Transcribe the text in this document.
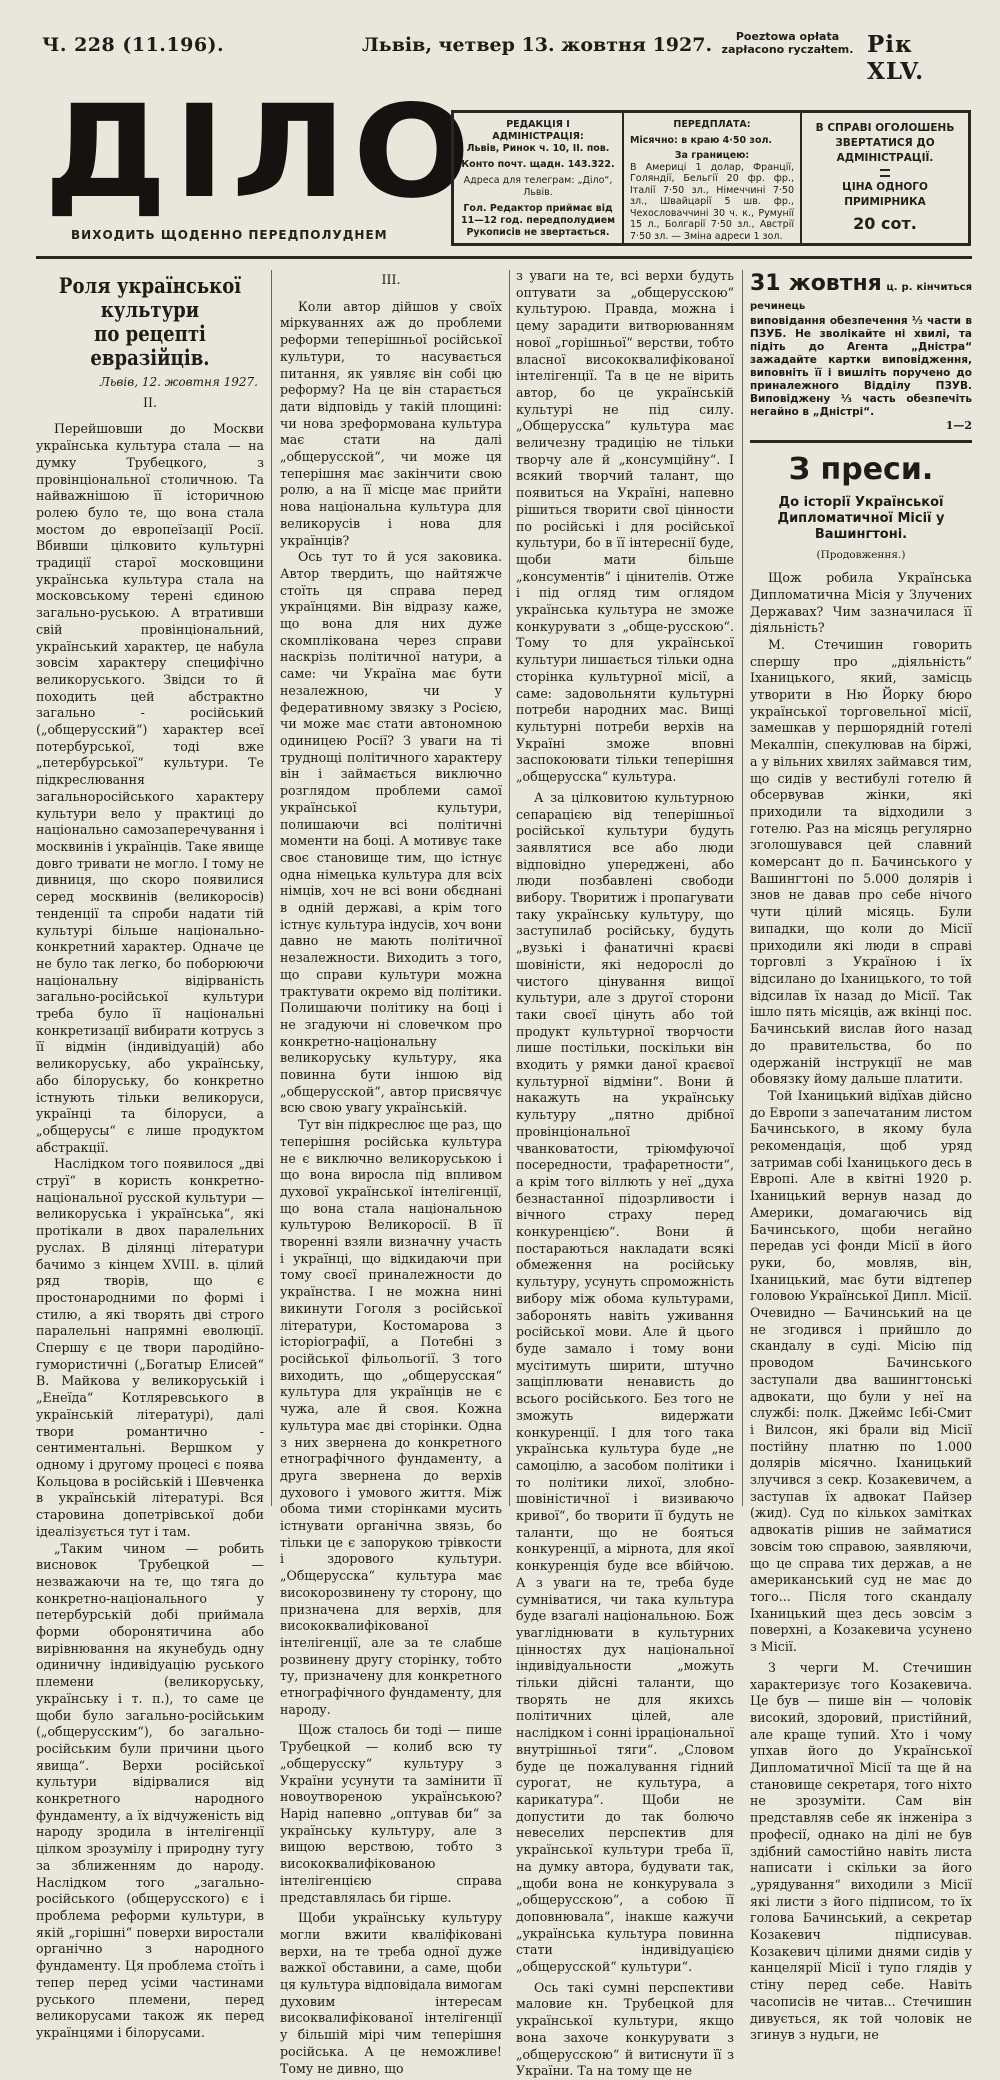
Ч. 228 (11.196).	Львів, четвер 13. жовтня 1927.	Poeztowa opłata
zapłacono ryczałtem. Рік XLV.
ДІЛО
ВИХОДИТЬ ЩОДЕННО ПЕРЕДПОЛУДНЕМ
РЕДАКЦІЯ І АДМІНІСТРАЦІЯ:
Львів, Ринок ч. 10, II. пов.
Конто почт. щадн. 143.322.
Адреса для телеграм: „Діло“, Львів.
Гол. Редактор приймає від 11—12 год. передполудием
Рукописів не звертається.
ПЕРЕДПЛАТА:
Місячно: в краю 4·50 зол.
За границею:
В Америці 1 долар, Франції, Голяндії, Бельгії 20 фр. фр., Італії 7·50 зл., Німеччині 7·50 зл., Швайцарії 5 шв. фр., Чехословаччині 30 ч. к., Румунії 15 л., Болгарії 7·50 зл., Австрії 7·50 зл. — Зміна адреси 1 зол.
В СПРАВІ ОГОЛОШЕНЬ ЗВЕРТАТИСЯ ДО АДМІНІСТРАЦІЇ.
ЦІНА ОДНОГО ПРИМІРНИКА
20 сот.
Роля української культури
по рецепті евразійців.
Львів, 12. жовтня 1927.
II.

Перейшовши до Москви українська культура стала — на думку Трубецкого, з провінціональної столичною. Та найважнішою її історичною ролею було те, що вона стала мостом до европеїзації Росії. Вбивши цілковито культурні традиції старої московщини українська культура стала на московському терені єдиною загально-руською. А втративши свій провінціональний, український характер, це набула зовсім характеру специфічно великоруського. Звідси то й походить цей абстрактно загально - російський („общерусский“) характер всеї потербурської, тоді вже „петербурської“ культури. Те підкреслювання загальноросійського характеру культури вело у практиці до національно самозаперечування і москвинів і українців. Таке явище довго тривати не могло. І тому не дивниця, що скоро появилися серед москвинів (великоросів) тенденції та спроби надати тій культурі більше національно-конкретний характер. Одначе це не було так легко, бо поборюючи національну відірваність загально-російської культури треба було її національні конкретизації вибирати котрусь з її відмін (індивідуацій) або великоруську, або українську, або білоруську, бо конкретно істнують тільки великоруси, українці та білоруси, а „общерусы“ є лише продуктом абстракції.

Наслідком того появилося „дві струї“ в користь конкретно-національної русской культури — великоруська і українська“, які протікали в двох паралельних руслах. В ділянці літератури бачимо з кінцем XVIII. в. цілий ряд творів, що є простонародними по формі і стилю, а які творять дві строго паралельні напрямні еволюції. Спершу є це твори пародійно-гумористичні („Богатыр Елисей“ В. Майкова у великоруській і „Енеїда“ Котляревського в українській літературі), далі твори романтично - сентиментальні. Вершком у одному і другому процесі є поява Кольцова в російській і Шевченка в українській літературі. Вся старовина допетрівської доби ідеалізується тут і там.

„Таким чином — робить висновок Трубецкой — незважаючи на те, що тяга до конкретно-національного у петербурській добі приймала форми оборонятичина або вирівнювання на якунебудь одну одиничну індивідуацію руського племени (великоруську, українську і т. п.), то саме це щоби було загально-російським („общерусским“), бо загально-російським були причини цього явища“. Верхи російської культури відірвалися від конкретного народного фундаменту, а їх відчуженість від народу зродила в інтелігенції цілком зрозумілу і природну тугу за зближенням до народу. Наслідком того „загально-російського (общерусского) є і проблема реформи культури, в якій „горішні“ поверхи виростали органічно з народного фундаменту. Ця проблема стоїть і тепер перед усіми частинами руського племени, перед великорусами також як перед українцями і білорусами.

III.

Коли автор дійшов у своїх міркуваннях аж до проблеми реформи теперішньої російської культури, то насувається питання, як уявляє він собі цю реформу? На це він старається дати відповідь у такій площині: чи нова зреформована культура має стати на далі „общерусской“, чи може ця теперішня має закінчити свою ролю, а на її місце має прийти нова національна культура для великорусів і нова для українців?

Ось тут то й уся заковика. Автор твердить, що найтяжче стоїть ця справа перед українцями. Він відразу каже, що вона для них дуже скомплікована через справи наскрізь політичної натури, а саме: чи Україна має бути незалежною, чи у федеративному звязку з Росією, чи може має стати автономною одиницею Росії? З уваги на ті труднощі політичного характеру він і займається виключно розглядом проблеми самої української культури, полишаючи всі політичні моменти на боці. А мотивує таке своє становище тим, що істнує одна німецька культура для всіх німців, хоч не всі вони обєднані в одній державі, а крім того істнує культура індусів, хоч вони давно не мають політичної незалежности. Виходить з того, що справи культури можна трактувати окремо від політики. Полишаючи політику на боці і не згадуючи ні словечком про конкретно-національну великоруську культуру, яка повинна бути іншою від „общерусской“, автор присвячує всю свою увагу українській.

Тут він підкреслює ще раз, що теперішня російська культура не є виключно великоруською і що вона виросла під впливом духової української інтелігенції, що вона стала національною культурою Великоросії. В її творенні взяли визначну участь і українці, що відкидаючи при тому своєї приналежности до українства. І не можна нині викинути Гоголя з російської літератури, Костомарова з історіографії, а Потебні з російської фільольогії. З того виходить, що „общерусская“ культура для українців не є чужа, але й своя. Кожна культура має дві сторінки. Одна з них звернена до конкретного етнографічного фундаменту, а друга звернена до верхів духового і умового життя. Між обома тими сторінками мусить істнувати органічна звязь, бо тільки це є запорукою трівкости і здорового культури. „Общерусска“ культура має високорозвинену ту сторону, що призначена для верхів, для висококвалифікованої інтелігенції, але за те слабше розвинену другу сторінку, тобто ту, призначену для конкретного етнографічного фундаменту, для народу.

Щож сталось би тоді — пише Трубецкой — колиб всю ту „общерусску“ культуру з України усунути та замінити її новоутвореною українською? Нарід напевно „оптував би“ за українську культуру, але з вищою верствою, тобто з висококвалифікованою інтелігенцією справа представлялась би гірше.

Щоби українську культуру могли вжити кваліфіковані верхи, на те треба одної дуже важкої обставини, а саме, щоби ця культура відповідала вимогам духовим інтересам високвалифікованої інтелігенції у більшій мірі чим теперішня російська. А це неможливе! Тому не дивно, що

з уваги на те, всі верхи будуть оптувати за „общерусскою“ культурою. Правда, можна і цему зарадити витворюванням нової „горішньої“ верстви, тобто власної висококвалифікованої інтелігенції. Та в це не вірить автор, бо це українській культурі не під силу. „Общерусска“ культура має величезну традицію не тільки творчу але й „консумційну“. І всякий творчий талант, що появиться на Україні, напевно рішиться творити свої цінности по російські і для російської культури, бо в її інтереснії буде, щоби мати більше „консументів“ і цінителів. Отже і під огляд тим оглядом українська культура не зможе конкурувати з „обще-русскою“. Тому то для української культури лишається тільки одна сторінка культурної місії, а саме: задовольняти культурні потреби народних мас. Вищі культурні потреби верхів на Україні зможе вповні заспокоювати тільки теперішня „общерусска“ культура.

А за цілковитою культурною сепарацією від теперішньої російської культури будуть заявлятися все або люди відповідно упереджені, або люди позбавлені свободи вибору. Творитиж і пропагувати таку українську культуру, що заступилаб російську, будуть „вузькі і фанатичні краєві шовіністи, які недорослі до чистого цінування вищої культури, але з другої сторони таки своєї цінуть або той продукт культурної творчости лише постільки, поскільки він входить у рямки даної краєвої культурної відміни“. Вони й накажуть на українську культуру „пятно дрібної провінціональної чванковатости, тріюмфуючої посередности, трафаретности“, а крім того віллють у неї „духа безнастанної підозрливости і вічного страху перед конкуренцією“. Вони й постараються накладати всякі обмеження на російську культуру, усунуть спроможність вибору між обома культурами, заборонять навіть уживання російської мови. Але й цього буде замало і тому вони мусітимуть ширити, штучно защіплювати ненависть до всього російського. Без того не зможуть видержати конкуренції. І для того така українська культура буде „не самоцілю, а засобом політики і то політики лихої, злобно-шовіністичної і визиваючо кривої“, бо творити її будуть не таланти, що не бояться конкуренції, а мірнота, для якої конкуренція буде все вбійчою. А з уваги на те, треба буде сумніватися, чи така культура буде взагалі національною. Бож увагліднювати в культурних цінностях дух національної індивідуальности „можуть тільки дійсні таланти, що творять не для якихсь політичних цілей, але наслідком і сонні ірраціональної внутрішньої тяги“. „Словом буде це пожалування гідний сурогат, не культура, а карикатура“. Щоби не допустити до так болючо невеселих перспектив для української культури треба її, на думку автора, будувати так, „щоби вона не конкурувала з „общерусскою“, а собою її доповнювала“, інакше кажучи „українська культура повинна стати індивідуацією „общерусской“ культури“.

Ось такі сумні перспективи маловие кн. Трубецкой для української культури, якщо вона захоче конкурувати з „общерусскою“ й витиснути її з України. Та на тому ще не

31 жовтня ц. р. кінчиться речинець
виповідання обезпечення ⅓ части в ПЗУБ. Не зволікайте ні хвилі, та підіть до Агента „Дністра“ зажадайте картки виповідження, виповніть її і вишліть поручено до приналежного Відділу ПЗУВ. Виповіджену ⅓ часть обезпечіть негайно в „Дністрі“.
1—2
З преси.
До історії Української Дипломатичної Місії у Вашингтоні.
(Продовження.)

Щож робила Українська Дипломатична Місія у Злучених Державах? Чим зазначилася її діяльність?

М. Стечишин говорить спершу про „діяльність“ Іханицького, який, замісць утворити в Ню Йорку бюро української торговельної місії, замешкав у першорядній готелі Мекалпін, спекулював на біржі, а у вільних хвилях займався тим, що сидів у вестибулі готелю й обсервував жінки, які приходили та відходили з готелю. Раз на місяць регулярно зголошувався цей славний комерсант до п. Бачинського у Вашингтоні по 5.000 долярів і знов не давав про себе нічого чути цілий місяць. Були випадки, що коли до Місії приходили які люди в справі торговлі з Україною і їх відсилано до Іханицького, то той відсилав їх назад до Місії. Так ішло пять місяців, аж вкінці пос. Бачинський вислав його назад до правительства, бо по одержаній інструкції не мав обовязку йому дальше платити.

Той Іханицький відїхав дійсно до Европи з запечатаним листом Бачинського, в якому була рекомендація, щоб уряд затримав собі Іханицького десь в Европі. Але в квітні 1920 р. Іханицький вернув назад до Америки, домагаючись від Бачинського, щоби негайно передав усі фонди Місії в його руки, бо, мовляв, він, Іханицький, має бути відтепер головою Української Дипл. Місії. Очевидно — Бачинський на це не згодився і прийшло до скандалу в суді. Місію під проводом Бачинського заступали два вашингтонські адвокати, що були у неї на службі: полк. Джеймс Ієбі-Смит і Вилсон, які брали від Місії постійну платню по 1.000 долярів місячно. Іханицький злучився з секр. Козакевичем, а заступав їх адвокат Пайзер (жид). Суд по кількох замітках адвокатів рішив не займатися зовсім тою справою, заявляючи, що це справа тих держав, а не американський суд не має до того... Після того скандалу Іханицький щез десь зовсім з поверхні, а Козакевича усунено з Місії.

З черги М. Стечишин характеризує того Козакевича. Це був — пише він — чоловік високий, здоровий, пристійний, але краще тупий. Хто і чому упхав його до Української Дипломатичної Місії та ще й на становище секретаря, того ніхто не зрозуміти. Сам він представляв себе як інженіра з професії, однако на ділі не був здібний самостійно навіть листа написати і скільки за його „урядування“ виходили з Місії які листи з його підписом, то їх голова Бачинський, а секретар Козакевич підписував. Козакевич цілими днями сидів у канцелярії Місії і тупо глядів у стіну перед себе. Навіть часописів не читав... Стечишин дивується, як той чоловік не згинув з нудьги, не
